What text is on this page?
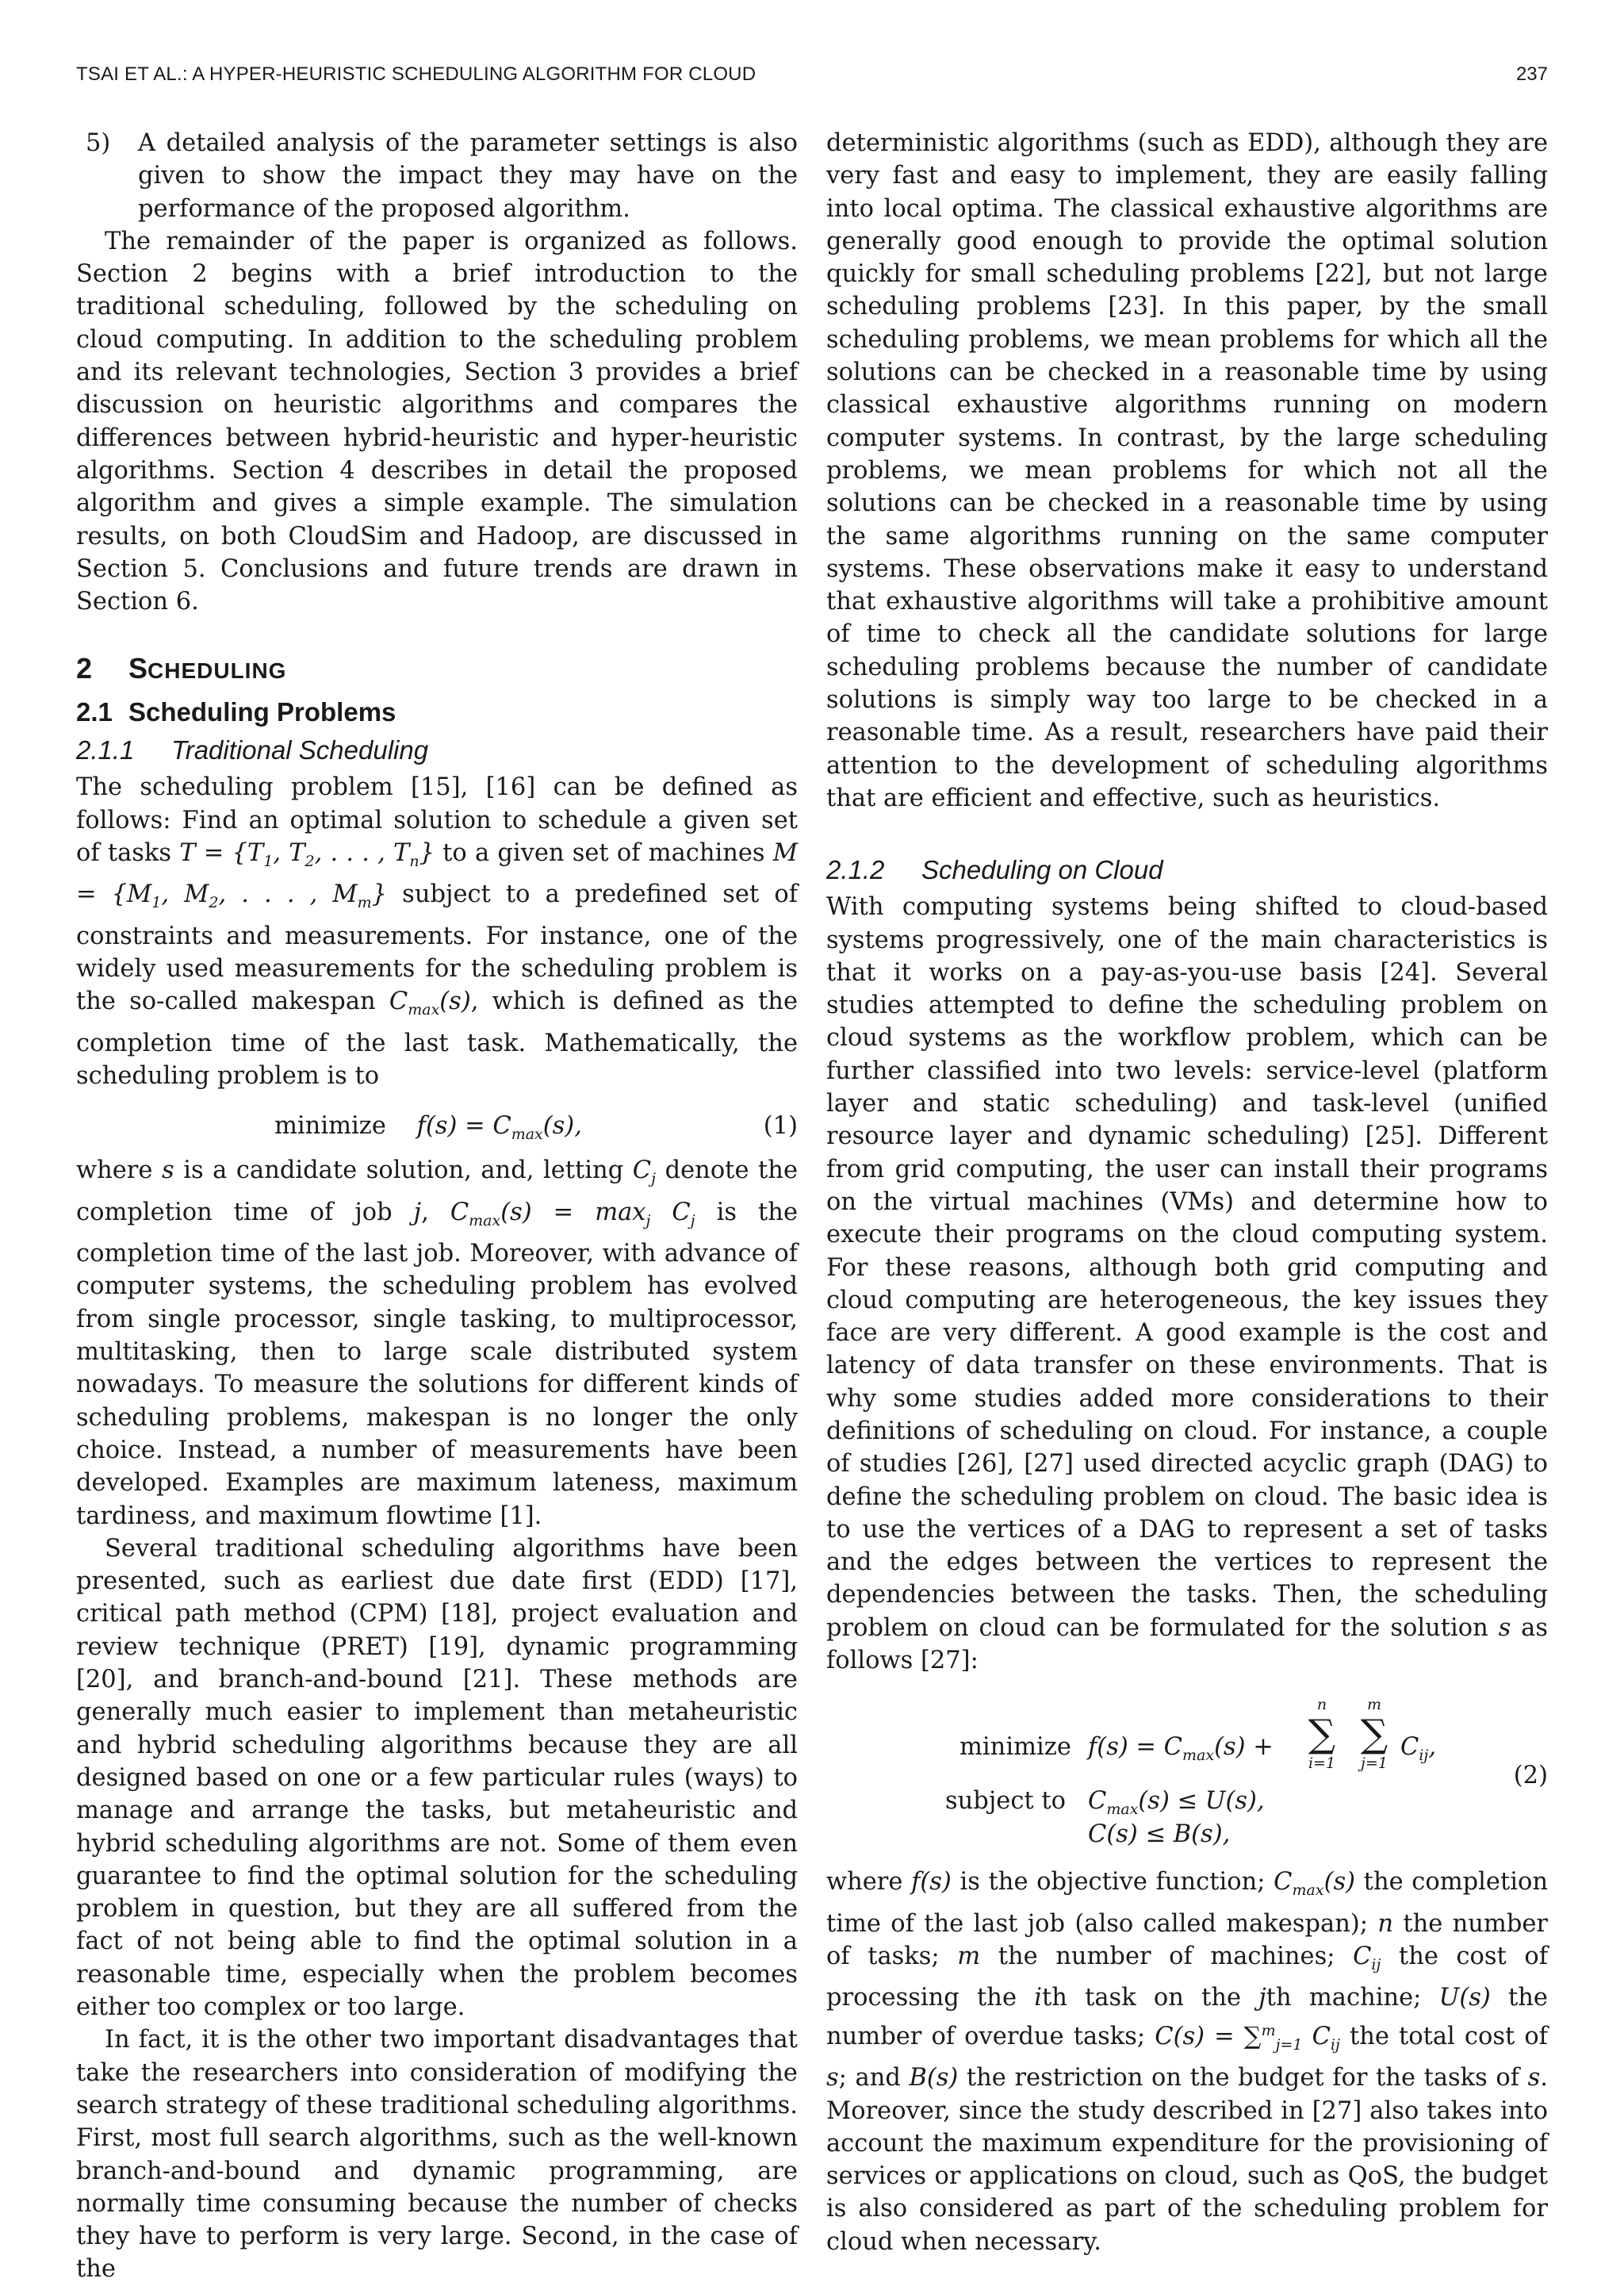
TSAI ET AL.: A HYPER-HEURISTIC SCHEDULING ALGORITHM FOR CLOUD	237
5)	A detailed analysis of the parameter settings is also given to show the impact they may have on the performance of the proposed algorithm.

The remainder of the paper is organized as follows. Section 2 begins with a brief introduction to the traditional scheduling, followed by the scheduling on cloud computing. In addition to the scheduling problem and its relevant technologies, Section 3 provides a brief discussion on heuristic algorithms and compares the differences between hybrid-heuristic and hyper-heuristic algorithms. Section 4 describes in detail the proposed algorithm and gives a simple example. The simulation results, on both CloudSim and Hadoop, are discussed in Section 5. Conclusions and future trends are drawn in Section 6.

2 SCHEDULING
2.1 Scheduling Problems
2.1.1 Traditional Scheduling

The scheduling problem [15], [16] can be defined as follows: Find an optimal solution to schedule a given set of tasks $T = \{T_1$, $T_2$, . . . , $T_n$} to a given set of machines $M = \{M_1$, $M_2$, . . . , $M_m$} subject to a predefined set of constraints and measurements. For instance, one of the widely used measurements for the scheduling problem is the so-called makespan $C_{max}(s)$, which is defined as the completion time of the last task. Mathematically, the scheduling problem is to

minimize $f(s) = C_{max}(s)$,	(1)

where s is a candidate solution, and, letting $C_j$ denote the completion time of job j, $C_{max}(s) = \max_j C_j$ is the completion time of the last job. Moreover, with advance of computer systems, the scheduling problem has evolved from single processor, single tasking, to multiprocessor, multitasking, then to large scale distributed system nowadays. To measure the solutions for different kinds of scheduling problems, makespan is no longer the only choice. Instead, a number of measurements have been developed. Examples are maximum lateness, maximum tardiness, and maximum flowtime [1].

Several traditional scheduling algorithms have been presented, such as earliest due date first (EDD) [17], critical path method (CPM) [18], project evaluation and review technique (PRET) [19], dynamic programming [20], and branch-and-bound [21]. These methods are generally much easier to implement than metaheuristic and hybrid scheduling algorithms because they are all designed based on one or a few particular rules (ways) to manage and arrange the tasks, but metaheuristic and hybrid scheduling algorithms are not. Some of them even guarantee to find the optimal solution for the scheduling problem in question, but they are all suffered from the fact of not being able to find the optimal solution in a reasonable time, especially when the problem becomes either too complex or too large.

In fact, it is the other two important disadvantages that take the researchers into consideration of modifying the search strategy of these traditional scheduling algorithms. First, most full search algorithms, such as the well-known branch-and-bound and dynamic programming, are normally time consuming because the number of checks they have to perform is very large. Second, in the case of the

deterministic algorithms (such as EDD), although they are very fast and easy to implement, they are easily falling into local optima. The classical exhaustive algorithms are generally good enough to provide the optimal solution quickly for small scheduling problems [22], but not large scheduling problems [23]. In this paper, by the small scheduling problems, we mean problems for which all the solutions can be checked in a reasonable time by using classical exhaustive algorithms running on modern computer systems. In contrast, by the large scheduling problems, we mean problems for which not all the solutions can be checked in a reasonable time by using the same algorithms running on the same computer systems. These observations make it easy to understand that exhaustive algorithms will take a prohibitive amount of time to check all the candidate solutions for large scheduling problems because the number of candidate solutions is simply way too large to be checked in a reasonable time. As a result, researchers have paid their attention to the development of scheduling algorithms that are efficient and effective, such as heuristics.

2.1.2 Scheduling on Cloud

With computing systems being shifted to cloud-based systems progressively, one of the main characteristics is that it works on a pay-as-you-use basis [24]. Several studies attempted to define the scheduling problem on cloud systems as the workflow problem, which can be further classified into two levels: service-level (platform layer and static scheduling) and task-level (unified resource layer and dynamic scheduling) [25]. Different from grid computing, the user can install their programs on the virtual machines (VMs) and determine how to execute their programs on the cloud computing system. For these reasons, although both grid computing and cloud computing are heterogeneous, the key issues they face are very different. A good example is the cost and latency of data transfer on these environments. That is why some studies added more considerations to their definitions of scheduling on cloud. For instance, a couple of studies [26], [27] used directed acyclic graph (DAG) to define the scheduling problem on cloud. The basic idea is to use the vertices of a DAG to represent a set of tasks and the edges between the vertices to represent the dependencies between the tasks. Then, the scheduling problem on cloud can be formulated for the solution s as follows [27]:

minimize $f(s) = C_{max}(s)$ +
n
∑
i=1
m
∑
j=1
$C_{ij}$,
subject to $C_{max}(s) \le U(s)$,
C(s) ≤ B(s),
(2)

where f(s) is the objective function; $C_{max}(s)$ the completion time of the last job (also called makespan); n the number of tasks; m the number of machines; $C_{ij}$ the cost of processing the ith task on the jth machine; U(s) the number of overdue tasks; C(s) = ∑$^m_{j=1}$ $C_{ij}$ the total cost of s; and B(s) the restriction on the budget for the tasks of s. Moreover, since the study described in [27] also takes into account the maximum expenditure for the provisioning of services or applications on cloud, such as QoS, the budget is also considered as part of the scheduling problem for cloud when necessary.
